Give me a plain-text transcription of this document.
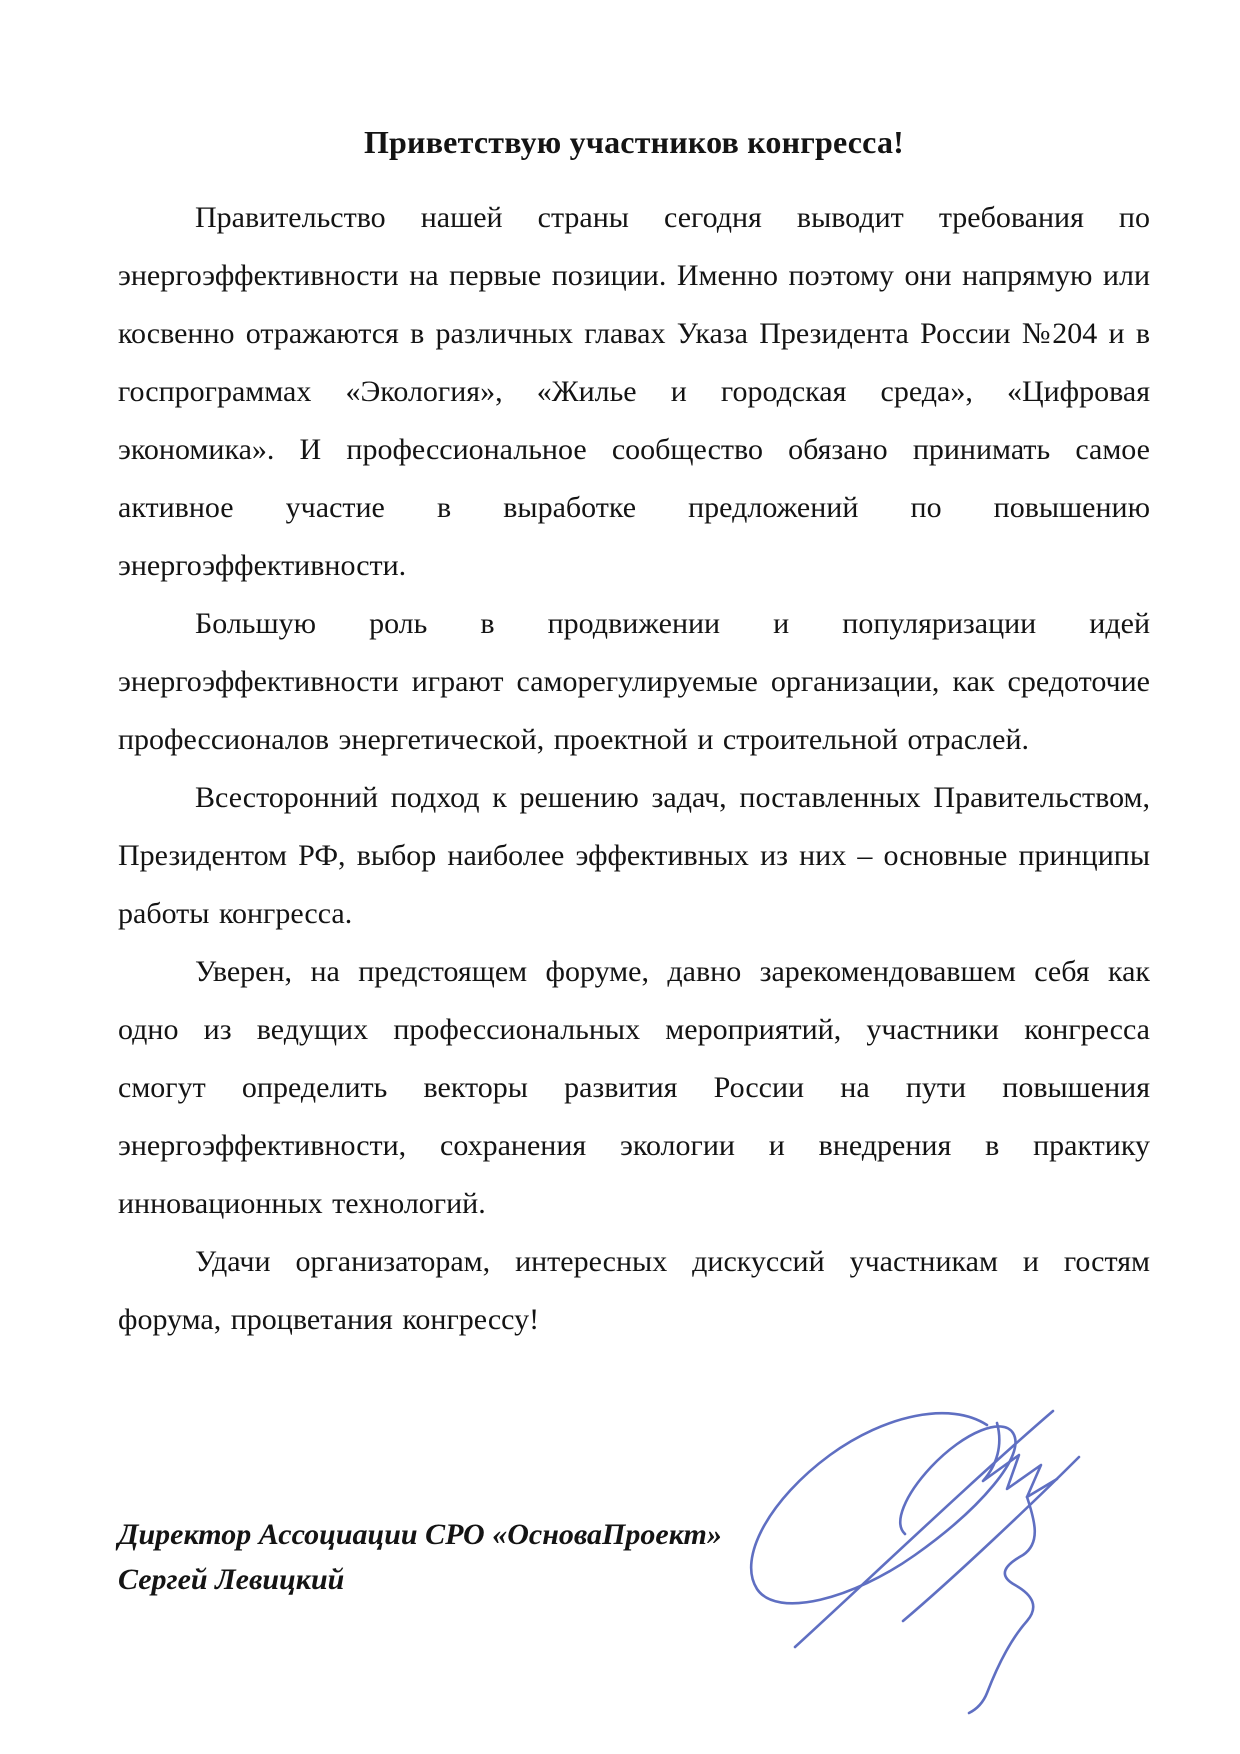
Приветствую участников конгресса!

Правительство нашей страны сегодня выводит требования по энергоэффективности на первые позиции. Именно поэтому они напрямую или косвенно отражаются в различных главах Указа Президента России №204 и в госпрограммах «Экология», «Жилье и городская среда», «Цифровая экономика». И профессиональное сообщество обязано принимать самое активное участие в выработке предложений по повышению энергоэффективности.

Большую роль в продвижении и популяризации идей энергоэффективности играют саморегулируемые организации, как средоточие профессионалов энергетической, проектной и строительной отраслей.

Всесторонний подход к решению задач, поставленных Правительством, Президентом РФ, выбор наиболее эффективных из них – основные принципы работы конгресса.

Уверен, на предстоящем форуме, давно зарекомендовавшем себя как одно из ведущих профессиональных мероприятий, участники конгресса смогут определить векторы развития России на пути повышения энергоэффективности, сохранения экологии и внедрения в практику инновационных технологий.

Удачи организаторам, интересных дискуссий участникам и гостям форума, процветания конгрессу!

Директор Ассоциации СРО «ОсноваПроект»
Сергей Левицкий
